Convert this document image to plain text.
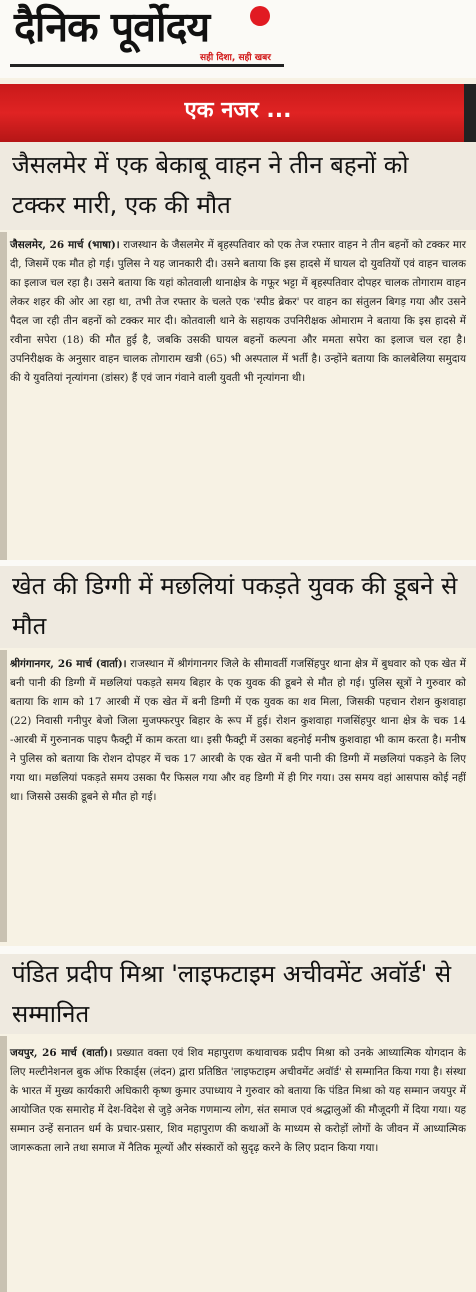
दैनिक पूर्वोदय
सही दिशा, सही खबर
एक नजर ...
जैसलमेर में एक बेकाबू वाहन ने तीन बहनों को टक्कर मारी, एक की मौत

जैसलमेर, 26 मार्च (भाषा)। राजस्थान के जैसलमेर में बृहस्पतिवार को एक तेज रफ्तार वाहन ने तीन बहनों को टक्कर मार दी, जिसमें एक मौत हो गई। पुलिस ने यह जानकारी दी। उसने बताया कि इस हादसे में घायल दो युवतियों एवं वाहन चालक का इलाज चल रहा है। उसने बताया कि यहां कोतवाली थानाक्षेत्र के गफूर भट्टा में बृहस्पतिवार दोपहर चालक तोगाराम वाहन लेकर शहर की ओर आ रहा था, तभी तेज रफ्तार के चलते एक 'स्पीड ब्रेकर' पर वाहन का संतुलन बिगड़ गया और उसने पैदल जा रही तीन बहनों को टक्कर मार दी। कोतवाली थाने के सहायक उपनिरीक्षक ओमाराम ने बताया कि इस हादसे में रवीना सपेरा (18) की मौत हुई है, जबकि उसकी घायल बहनों कल्पना और ममता सपेरा का इलाज चल रहा है। उपनिरीक्षक के अनुसार वाहन चालक तोगाराम खत्री (65) भी अस्पताल में भर्ती है। उन्होंने बताया कि कालबेलिया समुदाय की ये युवतियां नृत्यांगना (डांसर) हैं एवं जान गंवाने वाली युवती भी नृत्यांगना थी।

खेत की डिग्गी में मछलियां पकड़ते युवक की डूबने से मौत

श्रीगंगानगर, 26 मार्च (वार्ता)। राजस्थान में श्रीगंगानगर जिले के सीमावर्ती गजसिंहपुर थाना क्षेत्र में बुधवार को एक खेत में बनी पानी की डिग्गी में मछलियां पकड़ते समय बिहार के एक युवक की डूबने से मौत हो गई। पुलिस सूत्रों ने गुरुवार को बताया कि शाम को 17 आरबी में एक खेत में बनी डिग्गी में एक युवक का शव मिला, जिसकी पहचान रोशन कुशवाहा (22) निवासी गनीपुर बेजो जिला मुजफ्फरपुर बिहार के रूप में हुई। रोशन कुशवाहा गजसिंहपुर थाना क्षेत्र के चक 14 -आरबी में गुरुनानक पाइप फैक्ट्री में काम करता था। इसी फैक्ट्री में उसका बहनोई मनीष कुशवाहा भी काम करता है। मनीष ने पुलिस को बताया कि रोशन दोपहर में चक 17 आरबी के एक खेत में बनी पानी की डिग्गी में मछलियां पकड़ने के लिए गया था। मछलियां पकड़ते समय उसका पैर फिसल गया और वह डिग्गी में ही गिर गया। उस समय वहां आसपास कोई नहीं था। जिससे उसकी डूबने से मौत हो गई।

पंडित प्रदीप मिश्रा 'लाइफटाइम अचीवमेंट अवॉर्ड' से सम्मानित

जयपुर, 26 मार्च (वार्ता)। प्रख्यात वक्ता एवं शिव महापुराण कथावाचक प्रदीप मिश्रा को उनके आध्यात्मिक योगदान के लिए मल्टीनेशनल बुक ऑफ रिकार्ड्स (लंदन) द्वारा प्रतिष्ठित 'लाइफटाइम अचीवमेंट अवॉर्ड' से सम्मानित किया गया है। संस्था के भारत में मुख्य कार्यकारी अधिकारी कृष्ण कुमार उपाध्याय ने गुरुवार को बताया कि पंडित मिश्रा को यह सम्मान जयपुर में आयोजित एक समारोह में देश-विदेश से जुड़े अनेक गणमान्य लोग, संत समाज एवं श्रद्धालुओं की मौजूदगी में दिया गया। यह सम्मान उन्हें सनातन धर्म के प्रचार-प्रसार, शिव महापुराण की कथाओं के माध्यम से करोड़ों लोगों के जीवन में आध्यात्मिक जागरूकता लाने तथा समाज में नैतिक मूल्यों और संस्कारों को सुदृढ़ करने के लिए प्रदान किया गया।
